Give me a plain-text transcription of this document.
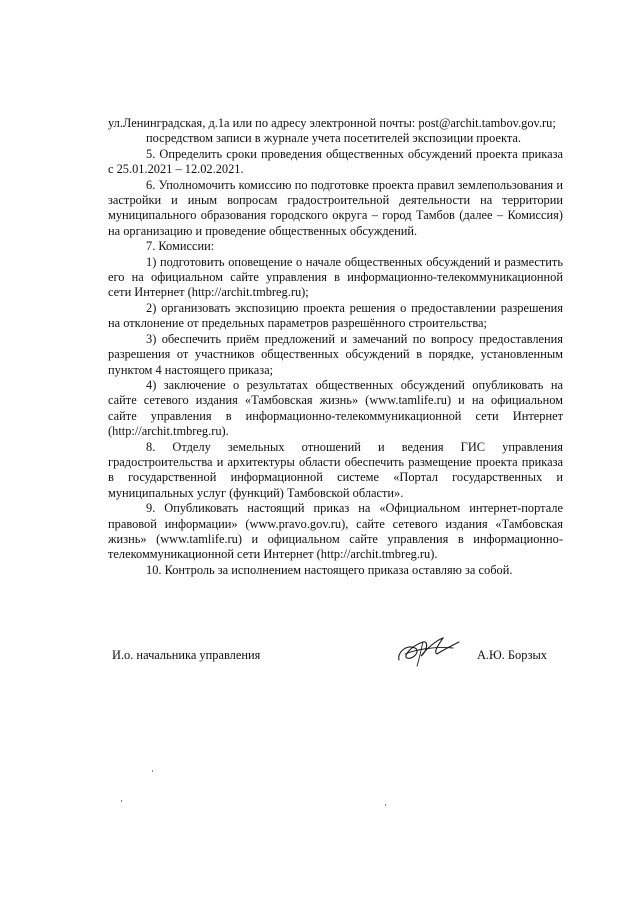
ул.Ленинградская, д.1а или по адресу электронной почты: post@archit.tambov.gov.ru;

посредством записи в журнале учета посетителей экспозиции проекта.

5. Определить сроки проведения общественных обсуждений проекта приказа с 25.01.2021 – 12.02.2021.

6. Уполномочить комиссию по подготовке проекта правил землепользования и застройки и иным вопросам градостроительной деятельности на территории муниципального образования городского округа – город Тамбов (далее – Комиссия) на организацию и проведение общественных обсуждений.

7. Комиссии:

1) подготовить оповещение о начале общественных обсуждений и разместить его на официальном сайте управления в информационно-телекоммуникационной сети Интернет (http://archit.tmbreg.ru);

2) организовать экспозицию проекта решения о предоставлении разрешения на отклонение от предельных параметров разрешённого строительства;

3) обеспечить приём предложений и замечаний по вопросу предоставления разрешения от участников общественных обсуждений в порядке, установленным пунктом 4 настоящего приказа;

4) заключение о результатах общественных обсуждений опубликовать на сайте сетевого издания «Тамбовская жизнь» (www.tamlife.ru) и на официальном сайте управления в информационно-телекоммуникационной сети Интернет (http://archit.tmbreg.ru).

8. Отделу земельных отношений и ведения ГИС управления градостроительства и архитектуры области обеспечить размещение проекта приказа в государственной информационной системе «Портал государственных и муниципальных услуг (функций) Тамбовской области».

9. Опубликовать настоящий приказ на «Официальном интернет-портале правовой информации» (www.pravo.gov.ru), сайте сетевого издания «Тамбовская жизнь» (www.tamlife.ru) и официальном сайте управления в информационно-телекоммуникационной сети Интернет (http://archit.tmbreg.ru).

10. Контроль за исполнением настоящего приказа оставляю за собой.

И.о. начальника управления	А.Ю. Борзых
